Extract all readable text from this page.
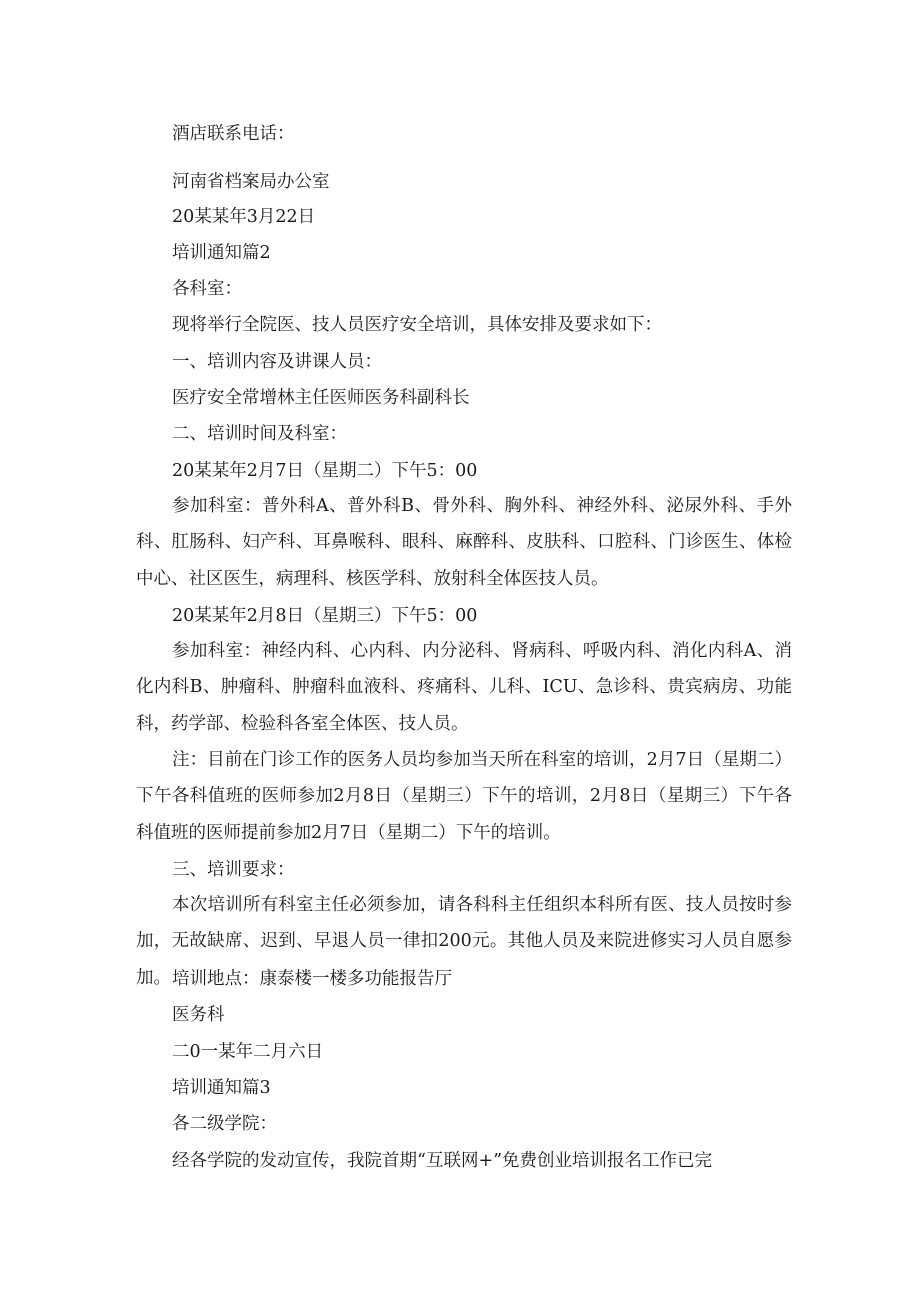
酒店联系电话：
河南省档案局办公室
20某某年3月22日
培训通知篇2
各科室：
现将举行全院医、技人员医疗安全培训，具体安排及要求如下：
一、培训内容及讲课人员：
医疗安全常增林主任医师医务科副科长
二、培训时间及科室：
20某某年2月7日（星期二）下午5：00
参加科室：普外科A、普外科B、骨外科、胸外科、神经外科、泌尿外科、手外科、肛肠科、妇产科、耳鼻喉科、眼科、麻醉科、皮肤科、口腔科、门诊医生、体检中心、社区医生，病理科、核医学科、放射科全体医技人员。
20某某年2月8日（星期三）下午5：00
参加科室：神经内科、心内科、内分泌科、肾病科、呼吸内科、消化内科A、消化内科B、肿瘤科、肿瘤科血液科、疼痛科、儿科、ICU、急诊科、贵宾病房、功能科，药学部、检验科各室全体医、技人员。
注：目前在门诊工作的医务人员均参加当天所在科室的培训，2月7日（星期二）下午各科值班的医师参加2月8日（星期三）下午的培训，2月8日（星期三）下午各科值班的医师提前参加2月7日（星期二）下午的培训。
三、培训要求：
本次培训所有科室主任必须参加，请各科科主任组织本科所有医、技人员按时参加，无故缺席、迟到、早退人员一律扣200元。其他人员及来院进修实习人员自愿参加。 培训地点：康泰楼一楼多功能报告厅
医务科
二0一某年二月六日
培训通知篇3
各二级学院：
经各学院的发动宣传，我院首期“互联网+”免费创业培训报名工作已完
